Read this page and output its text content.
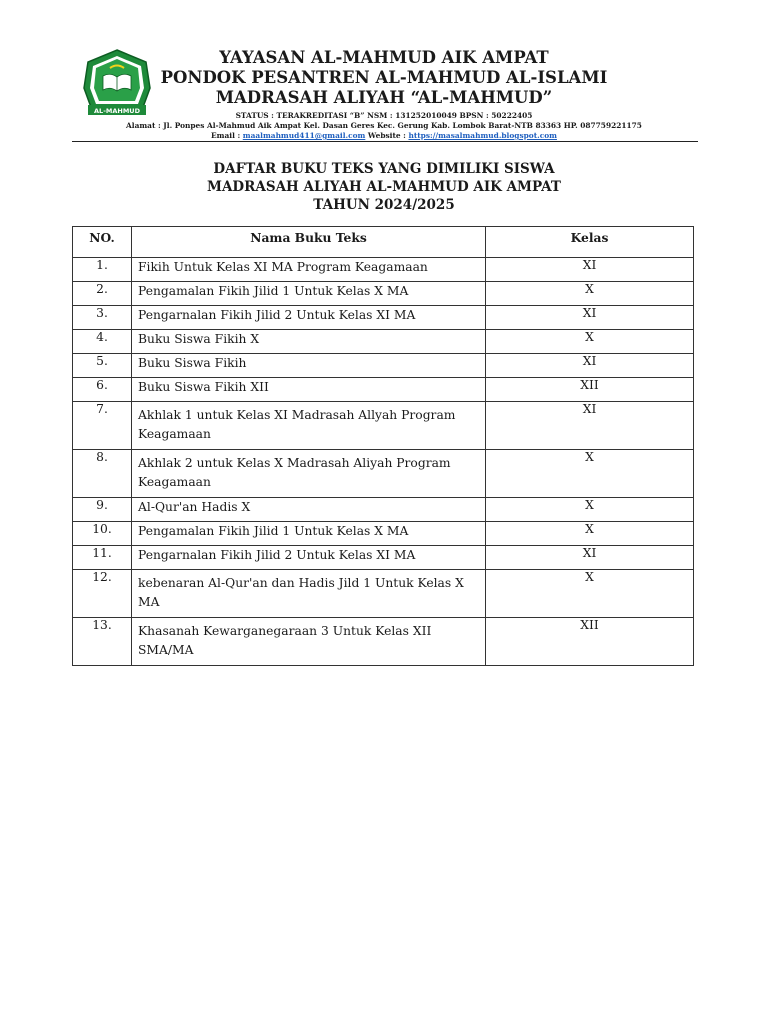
AL-MAHMUD
YAYASAN AL-MAHMUD AIK AMPAT
PONDOK PESANTREN AL-MAHMUD AL-ISLAMI
MADRASAH ALIYAH “AL-MAHMUD”
STATUS : TERAKREDITASI “B” NSM : 131252010049 BPSN : 50222405
Alamat : Jl. Ponpes Al-Mahmud Aik Ampat Kel. Dasan Geres Kec. Gerung Kab. Lombok Barat-NTB 83363 HP. 087759221175
Email : maalmahmud411@gmail.com Website : https://masalmahmud.blogspot.com
DAFTAR BUKU TEKS YANG DIMILIKI SISWA
MADRASAH ALIYAH AL-MAHMUD AIK AMPAT
TAHUN 2024/2025
NO.	Nama Buku Teks	Kelas
1.	Fikih Untuk Kelas XI MA Program Keagamaan	XI
2.	Pengamalan Fikih Jilid 1 Untuk Kelas X MA	X
3.	Pengarnalan Fikih Jilid 2 Untuk Kelas XI MA	XI
4.	Buku Siswa Fikih X	X
5.	Buku Siswa Fikih	XI
6.	Buku Siswa Fikih XII	XII
7.	Akhlak 1 untuk Kelas XI Madrasah Allyah Program Keagamaan	XI
8.	Akhlak 2 untuk Kelas X Madrasah Aliyah Program Keagamaan	X
9.	Al-Qur'an Hadis X	X
10.	Pengamalan Fikih Jilid 1 Untuk Kelas X MA	X
11.	Pengarnalan Fikih Jilid 2 Untuk Kelas XI MA	XI
12.	kebenaran Al-Qur'an dan Hadis Jild 1 Untuk Kelas X MA	X
13.	Khasanah Kewarganegaraan 3 Untuk Kelas XII SMA/MA	XII
